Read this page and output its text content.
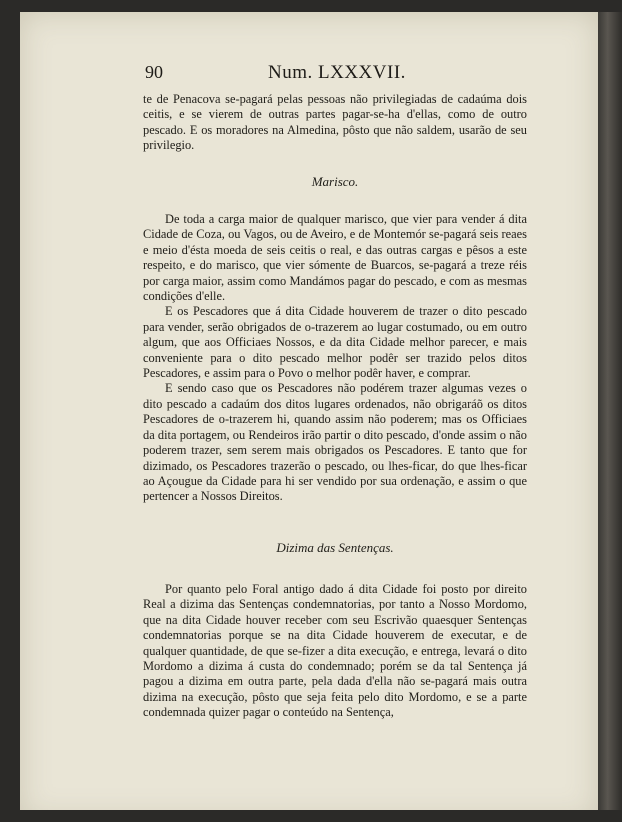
90	Num. LXXXVII.

te de Penacova se-pagará pelas pessoas não privilegiadas de cadaúma dois ceitis, e se vierem de outras partes pagar-se-ha d'ellas, como de outro pescado. E os moradores na Almedina, pôsto que não saldem, usarão de seu privilegio.

Marisco.

De toda a carga maior de qualquer marisco, que vier para vender á dita Cidade de Coza, ou Vagos, ou de Aveiro, e de Montemór se-pagará seis reaes e meio d'ésta moeda de seis ceitis o real, e das outras cargas e pêsos a este respeito, e do marisco, que vier sómente de Buarcos, se-pagará a treze réis por carga maior, assim como Mandámos pagar do pescado, e com as mesmas condições d'elle.

E os Pescadores que á dita Cidade houverem de trazer o dito pescado para vender, serão obrigados de o-trazerem ao lugar costumado, ou em outro algum, que aos Officiaes Nossos, e da dita Cidade melhor parecer, e mais conveniente para o dito pescado melhor podêr ser trazido pelos ditos Pescadores, e assim para o Povo o melhor podêr haver, e comprar.

E sendo caso que os Pescadores não podérem trazer algumas vezes o dito pescado a cadaúm dos ditos lugares ordenados, não obrigaráõ os ditos Pescadores de o-trazerem hi, quando assim não poderem; mas os Officiaes da dita portagem, ou Rendeiros irão partir o dito pescado, d'onde assim o não poderem trazer, sem serem mais obrigados os Pescadores. E tanto que for dizimado, os Pescadores trazerão o pescado, ou lhes-ficar, do que lhes-ficar ao Açougue da Cidade para hi ser vendido por sua ordenação, e assim o que pertencer a Nossos Direitos.

Dizima das Sentenças.

Por quanto pelo Foral antigo dado á dita Cidade foi posto por direito Real a dizima das Sentenças condemnatorias, por tanto a Nosso Mordomo, que na dita Cidade houver receber com seu Escrivão quaesquer Sentenças condemnatorias porque se na dita Cidade houverem de executar, e de qualquer quantidade, de que se-fizer a dita execução, e entrega, levará o dito Mordomo a dizima á custa do condemnado; porém se da tal Sentença já pagou a dizima em outra parte, pela dada d'ella não se-pagará mais outra dizima na execução, pôsto que seja feita pelo dito Mordomo, e se a parte condemnada quizer pagar o conteúdo na Sentença,
